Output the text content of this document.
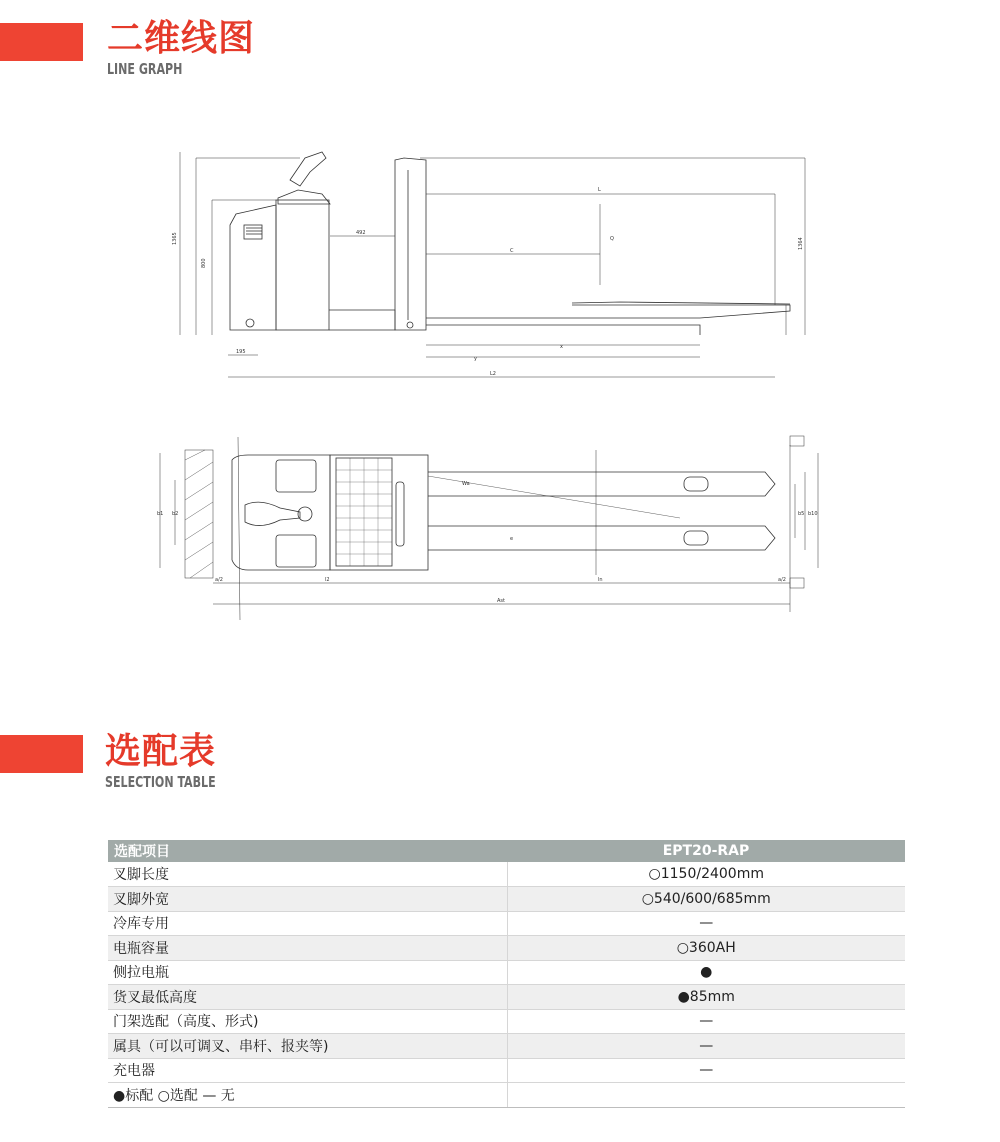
二维线图
LINE GRAPH
L
C
Q
492
x
y
L2
195
1365
800
1364
Wa
l2	ln
Ast
a/2	a/2
e
b1 b2	b5 b10
选配表
SELECTION TABLE
选配项目	EPT20-RAP
叉脚长度	○1150/2400mm
叉脚外宽	○540/600/685mm
冷库专用	—
电瓶容量	○360AH
侧拉电瓶	●
货叉最低高度	●85mm
门架选配（高度、形式)	—
属具（可以可调叉、串杆、报夹等)	—
充电器	—
●标配 ○选配 — 无	
